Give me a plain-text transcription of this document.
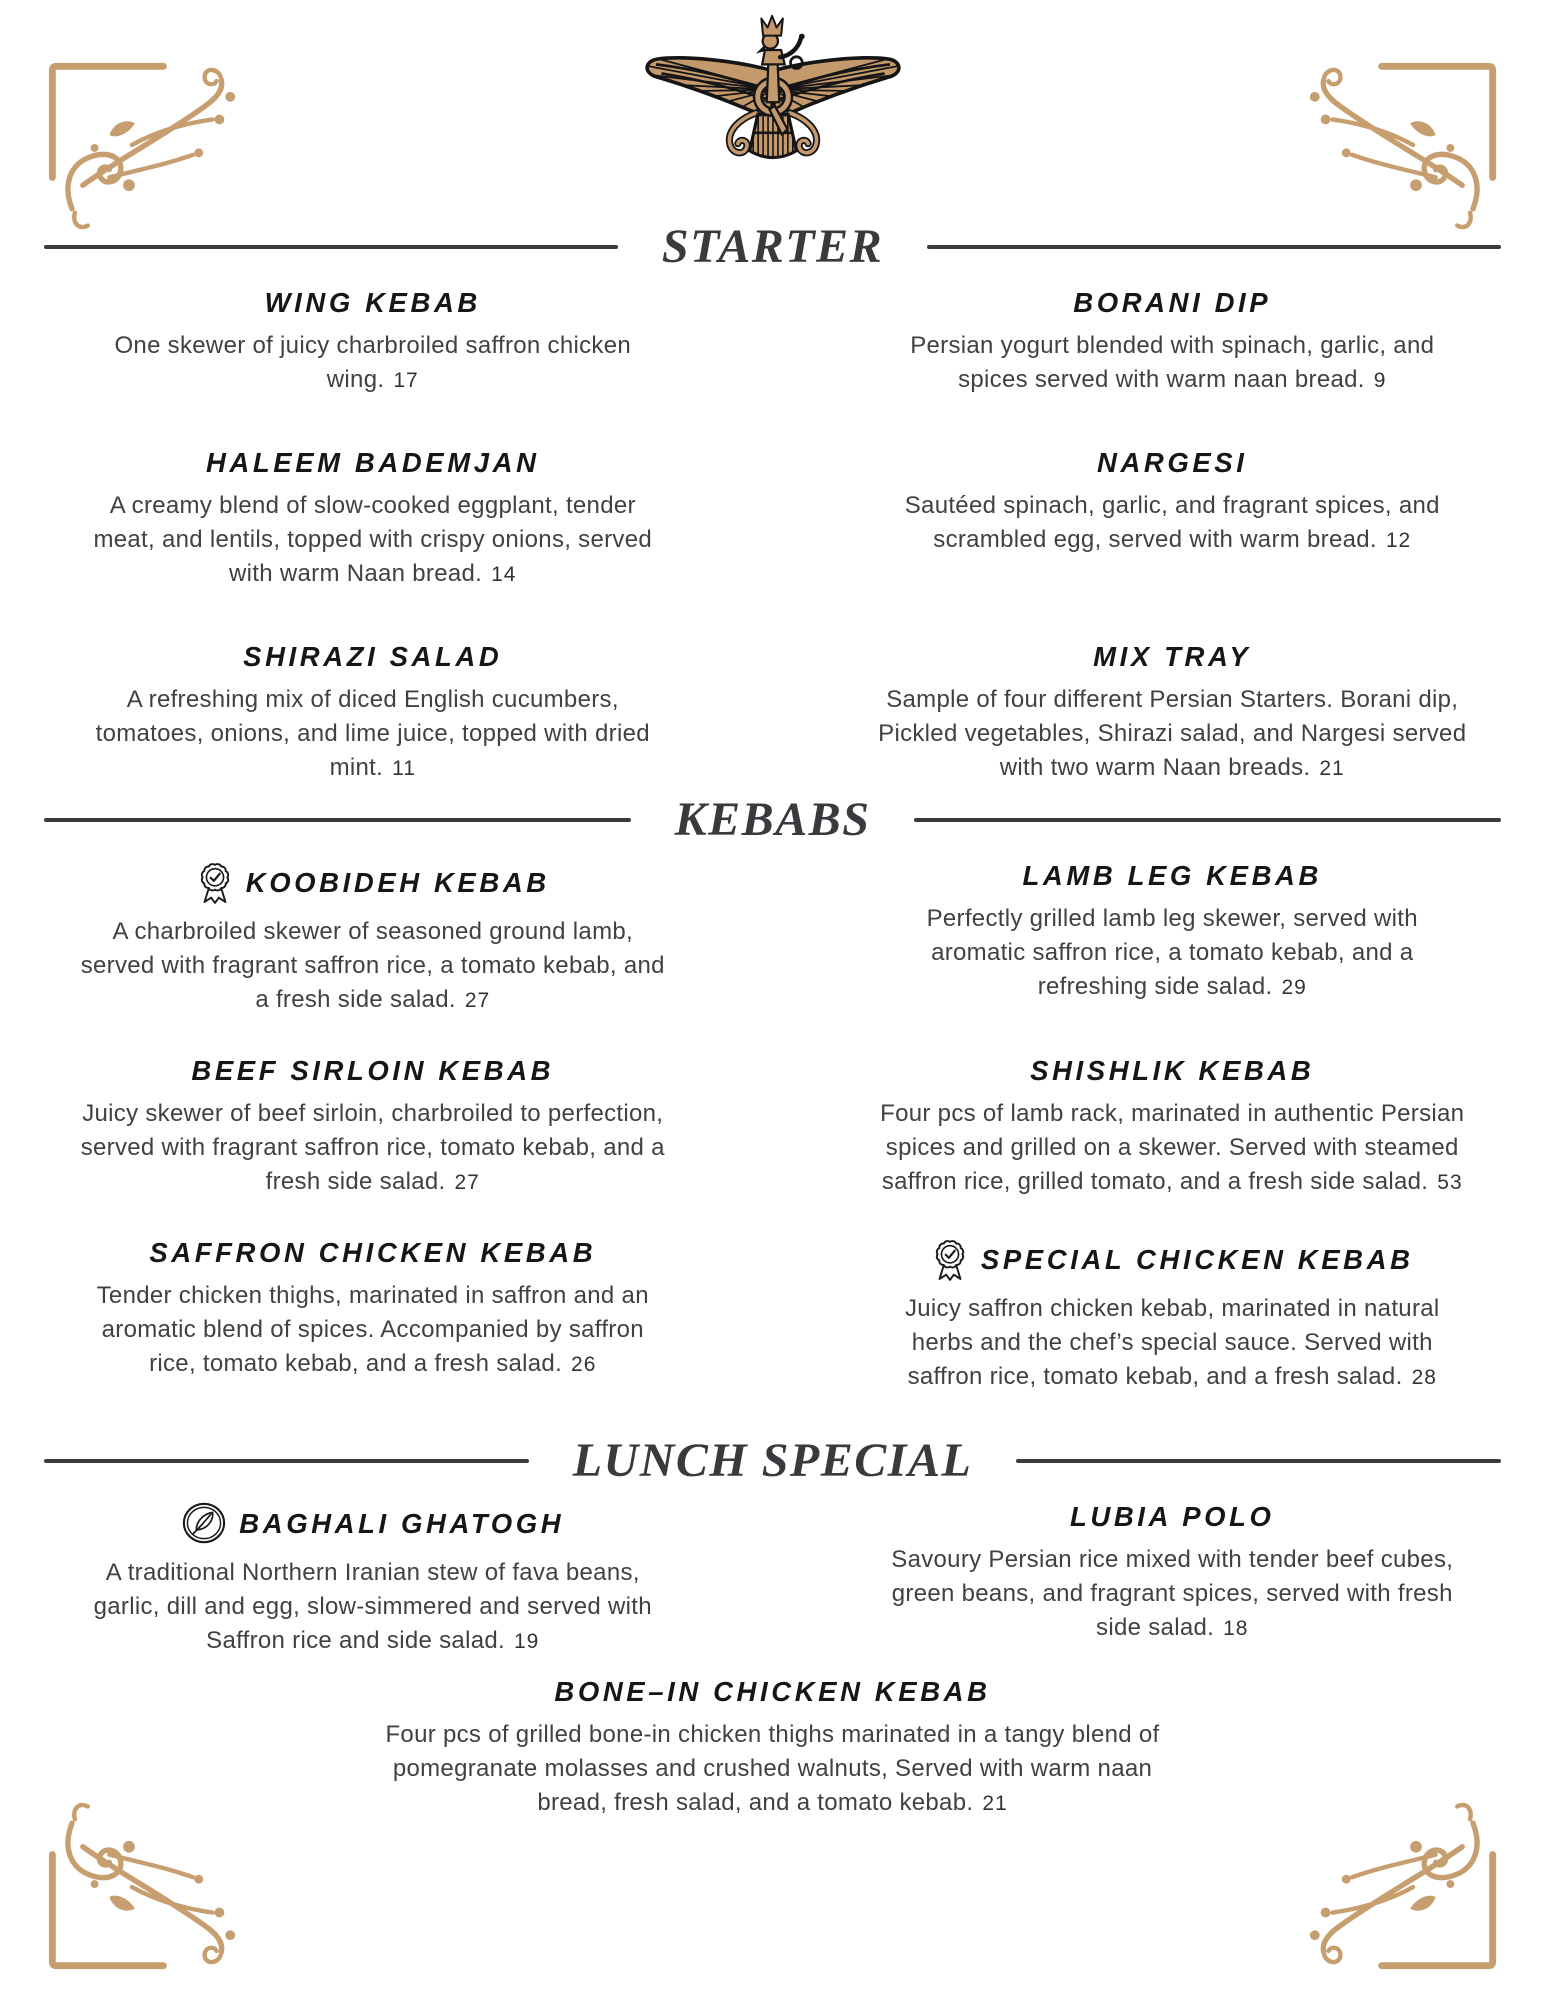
STARTER
WING KEBAB
One skewer of juicy charbroiled saffron chicken wing. 17
BORANI DIP
Persian yogurt blended with spinach, garlic, and spices served with warm naan bread. 9
HALEEM BADEMJAN
A creamy blend of slow-cooked eggplant, tender meat, and lentils, topped with crispy onions, served with warm Naan bread. 14
NARGESI
Sautéed spinach, garlic, and fragrant spices, and scrambled egg, served with warm bread. 12
SHIRAZI SALAD
A refreshing mix of diced English cucumbers, tomatoes, onions, and lime juice, topped with dried mint. 11
MIX TRAY
Sample of four different Persian Starters. Borani dip, Pickled vegetables, Shirazi salad, and Nargesi served with two warm Naan breads. 21
KEBABS
KOOBIDEH KEBAB
A charbroiled skewer of seasoned ground lamb, served with fragrant saffron rice, a tomato kebab, and a fresh side salad. 27
LAMB LEG KEBAB
Perfectly grilled lamb leg skewer, served with aromatic saffron rice, a tomato kebab, and a refreshing side salad. 29
BEEF SIRLOIN KEBAB
Juicy skewer of beef sirloin, charbroiled to perfection, served with fragrant saffron rice, tomato kebab, and a fresh side salad. 27
SHISHLIK KEBAB
Four pcs of lamb rack, marinated in authentic Persian spices and grilled on a skewer. Served with steamed saffron rice, grilled tomato, and a fresh side salad. 53
SAFFRON CHICKEN KEBAB
Tender chicken thighs, marinated in saffron and an aromatic blend of spices. Accompanied by saffron rice, tomato kebab, and a fresh salad. 26
SPECIAL CHICKEN KEBAB
Juicy saffron chicken kebab, marinated in natural herbs and the chef’s special sauce. Served with saffron rice, tomato kebab, and a fresh salad. 28
LUNCH SPECIAL
BAGHALI GHATOGH
A traditional Northern Iranian stew of fava beans, garlic, dill and egg, slow-simmered and served with Saffron rice and side salad. 19
LUBIA POLO
Savoury Persian rice mixed with tender beef cubes, green beans, and fragrant spices, served with fresh side salad. 18
BONE–IN CHICKEN KEBAB
Four pcs of grilled bone-in chicken thighs marinated in a tangy blend of pomegranate molasses and crushed walnuts, Served with warm naan bread, fresh salad, and a tomato kebab. 21
